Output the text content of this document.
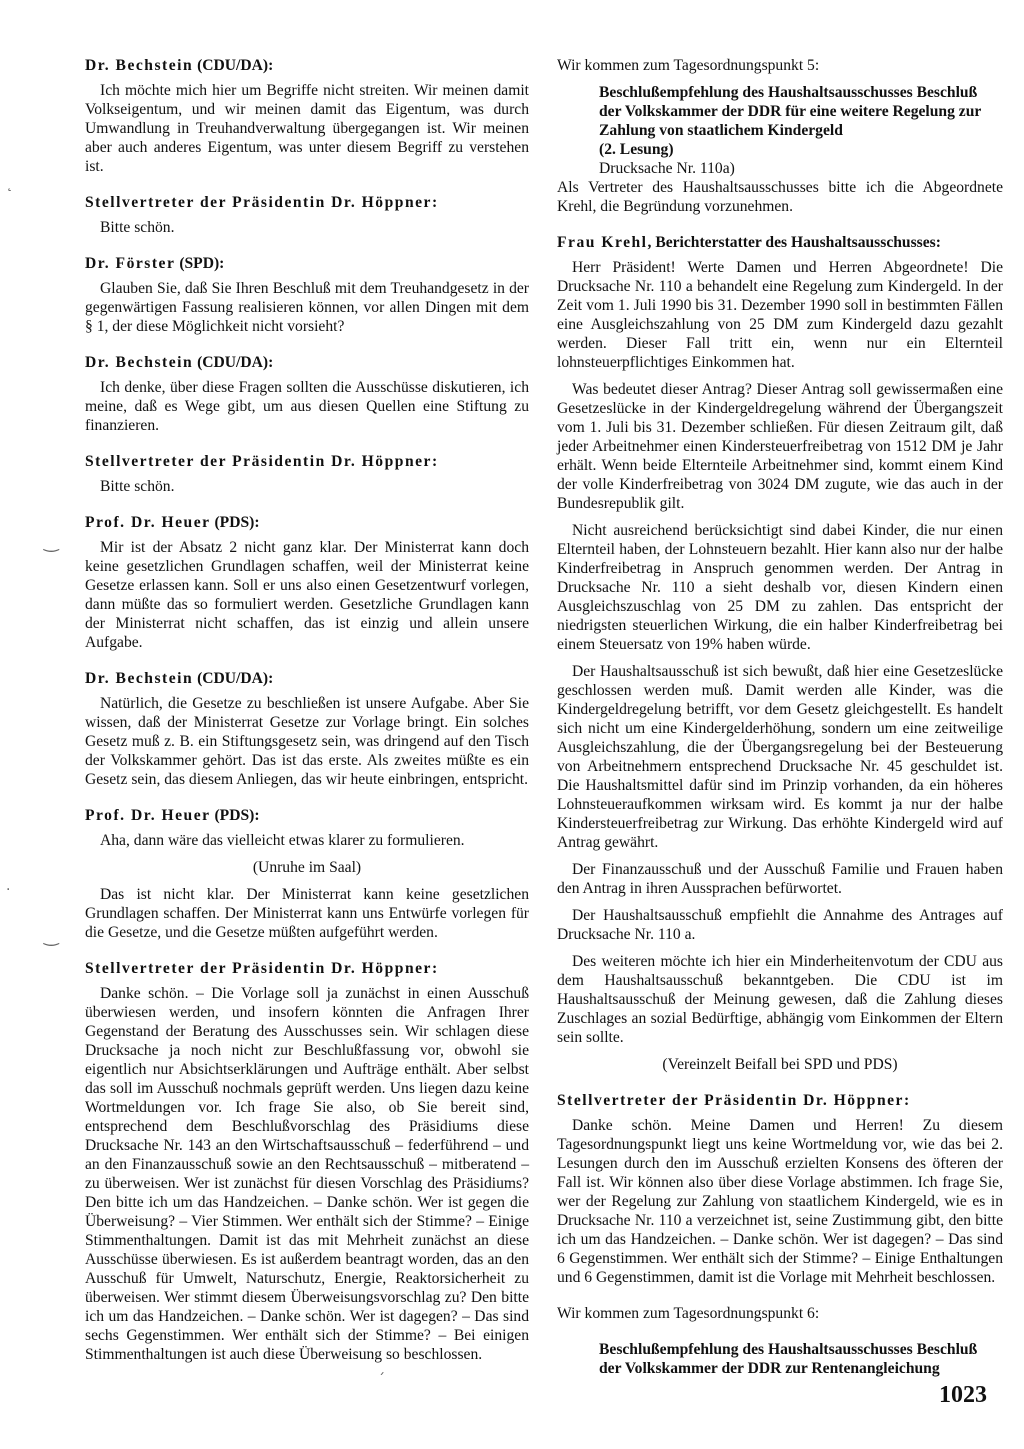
Dr. Bechstein (CDU/DA):

Ich möchte mich hier um Begriffe nicht streiten. Wir meinen damit Volkseigentum, und wir meinen damit das Eigentum, was durch Umwandlung in Treuhandverwaltung übergegangen ist. Wir meinen aber auch anderes Eigentum, was unter diesem Begriff zu verstehen ist.

Stellvertreter der Präsidentin Dr. Höppner:

Bitte schön.

Dr. Förster (SPD):

Glauben Sie, daß Sie Ihren Beschluß mit dem Treuhandgesetz in der gegenwärtigen Fassung realisieren können, vor allen Dingen mit dem § 1, der diese Möglichkeit nicht vorsieht?

Dr. Bechstein (CDU/DA):

Ich denke, über diese Fragen sollten die Ausschüsse diskutieren, ich meine, daß es Wege gibt, um aus diesen Quellen eine Stiftung zu finanzieren.

Stellvertreter der Präsidentin Dr. Höppner:

Bitte schön.

Prof. Dr. Heuer (PDS):

Mir ist der Absatz 2 nicht ganz klar. Der Ministerrat kann doch keine gesetzlichen Grundlagen schaffen, weil der Ministerrat keine Gesetze erlassen kann. Soll er uns also einen Gesetzentwurf vorlegen, dann müßte das so formuliert werden. Gesetzliche Grundlagen kann der Ministerrat nicht schaffen, das ist einzig und allein unsere Aufgabe.

Dr. Bechstein (CDU/DA):

Natürlich, die Gesetze zu beschließen ist unsere Aufgabe. Aber Sie wissen, daß der Ministerrat Gesetze zur Vorlage bringt. Ein solches Gesetz muß z. B. ein Stiftungsgesetz sein, was dringend auf den Tisch der Volkskammer gehört. Das ist das erste. Als zweites müßte es ein Gesetz sein, das diesem Anliegen, das wir heute einbringen, entspricht.

Prof. Dr. Heuer (PDS):

Aha, dann wäre das vielleicht etwas klarer zu formulieren.

(Unruhe im Saal)

Das ist nicht klar. Der Ministerrat kann keine gesetzlichen Grundlagen schaffen. Der Ministerrat kann uns Entwürfe vorlegen für die Gesetze, und die Gesetze müßten aufgeführt werden.

Stellvertreter der Präsidentin Dr. Höppner:

Danke schön. – Die Vorlage soll ja zunächst in einen Ausschuß überwiesen werden, und insofern könnten die Anfragen Ihrer Gegenstand der Beratung des Ausschusses sein. Wir schlagen diese Drucksache ja noch nicht zur Beschlußfassung vor, obwohl sie eigentlich nur Absichtserklärungen und Aufträge enthält. Aber selbst das soll im Ausschuß nochmals geprüft werden. Uns liegen dazu keine Wortmeldungen vor. Ich frage Sie also, ob Sie bereit sind, entsprechend dem Beschlußvorschlag des Präsidiums diese Drucksache Nr. 143 an den Wirtschaftsausschuß – federführend – und an den Finanzausschuß sowie an den Rechtsausschuß – mitberatend – zu überweisen. Wer ist zunächst für diesen Vorschlag des Präsidiums? Den bitte ich um das Handzeichen. – Danke schön. Wer ist gegen die Überweisung? – Vier Stimmen. Wer enthält sich der Stimme? – Einige Stimmenthaltungen. Damit ist das mit Mehrheit zunächst an diese Ausschüsse überwiesen. Es ist außerdem beantragt worden, das an den Ausschuß für Umwelt, Naturschutz, Energie, Reaktorsicherheit zu überweisen. Wer stimmt diesem Überweisungsvorschlag zu? Den bitte ich um das Handzeichen. – Danke schön. Wer ist dagegen? – Das sind sechs Gegenstimmen. Wer enthält sich der Stimme? – Bei einigen Stimmenthaltungen ist auch diese Überweisung so beschlossen.

Wir kommen zum Tagesordnungspunkt 5:

Beschlußempfehlung des Haushaltsausschusses Beschluß der Volkskammer der DDR für eine weitere Regelung zur Zahlung von staatlichem Kindergeld

(2. Lesung)

Drucksache Nr. 110a)

Als Vertreter des Haushaltsausschusses bitte ich die Abgeordnete Krehl, die Begründung vorzunehmen.

Frau Krehl, Berichterstatter des Haushaltsausschusses:

Herr Präsident! Werte Damen und Herren Abgeordnete! Die Drucksache Nr. 110 a behandelt eine Regelung zum Kindergeld. In der Zeit vom 1. Juli 1990 bis 31. Dezember 1990 soll in bestimmten Fällen eine Ausgleichszahlung von 25 DM zum Kindergeld dazu gezahlt werden. Dieser Fall tritt ein, wenn nur ein Elternteil lohnsteuerpflichtiges Einkommen hat.

Was bedeutet dieser Antrag? Dieser Antrag soll gewissermaßen eine Gesetzeslücke in der Kindergeldregelung während der Übergangszeit vom 1. Juli bis 31. Dezember schließen. Für diesen Zeitraum gilt, daß jeder Arbeitnehmer einen Kindersteuerfreibetrag von 1512 DM je Jahr erhält. Wenn beide Elternteile Arbeitnehmer sind, kommt einem Kind der volle Kinderfreibetrag von 3024 DM zugute, wie das auch in der Bundesrepublik gilt.

Nicht ausreichend berücksichtigt sind dabei Kinder, die nur einen Elternteil haben, der Lohnsteuern bezahlt. Hier kann also nur der halbe Kinderfreibetrag in Anspruch genommen werden. Der Antrag in Drucksache Nr. 110 a sieht deshalb vor, diesen Kindern einen Ausgleichszuschlag von 25 DM zu zahlen. Das entspricht der niedrigsten steuerlichen Wirkung, die ein halber Kinderfreibetrag bei einem Steuersatz von 19% haben würde.

Der Haushaltsausschuß ist sich bewußt, daß hier eine Gesetzeslücke geschlossen werden muß. Damit werden alle Kinder, was die Kindergeldregelung betrifft, vor dem Gesetz gleichgestellt. Es handelt sich nicht um eine Kindergelderhöhung, sondern um eine zeitweilige Ausgleichszahlung, die der Übergangsregelung bei der Besteuerung von Arbeitnehmern entsprechend Drucksache Nr. 45 geschuldet ist. Die Haushaltsmittel dafür sind im Prinzip vorhanden, da ein höheres Lohnsteueraufkommen wirksam wird. Es kommt ja nur der halbe Kindersteuerfreibetrag zur Wirkung. Das erhöhte Kindergeld wird auf Antrag gewährt.

Der Finanzausschuß und der Ausschuß Familie und Frauen haben den Antrag in ihren Aussprachen befürwortet.

Der Haushaltsausschuß empfiehlt die Annahme des Antrages auf Drucksache Nr. 110 a.

Des weiteren möchte ich hier ein Minderheitenvotum der CDU aus dem Haushaltsausschuß bekanntgeben. Die CDU ist im Haushaltsausschuß der Meinung gewesen, daß die Zahlung dieses Zuschlages an sozial Bedürftige, abhängig vom Einkommen der Eltern sein sollte.

(Vereinzelt Beifall bei SPD und PDS)

Stellvertreter der Präsidentin Dr. Höppner:

Danke schön. Meine Damen und Herren! Zu diesem Tagesordnungspunkt liegt uns keine Wortmeldung vor, wie das bei 2. Lesungen durch den im Ausschuß erzielten Konsens des öfteren der Fall ist. Wir können also über diese Vorlage abstimmen. Ich frage Sie, wer der Regelung zur Zahlung von staatlichem Kindergeld, wie es in Drucksache Nr. 110 a verzeichnet ist, seine Zustimmung gibt, den bitte ich um das Handzeichen. – Danke schön. Wer ist dagegen? – Das sind 6 Gegenstimmen. Wer enthält sich der Stimme? – Einige Enthaltungen und 6 Gegenstimmen, damit ist die Vorlage mit Mehrheit beschlossen.

Wir kommen zum Tagesordnungspunkt 6:

Beschlußempfehlung des Haushaltsausschusses Beschluß der Volkskammer der DDR zur Rentenangleichung

1023
˛
‿
·
‿
ˊ
